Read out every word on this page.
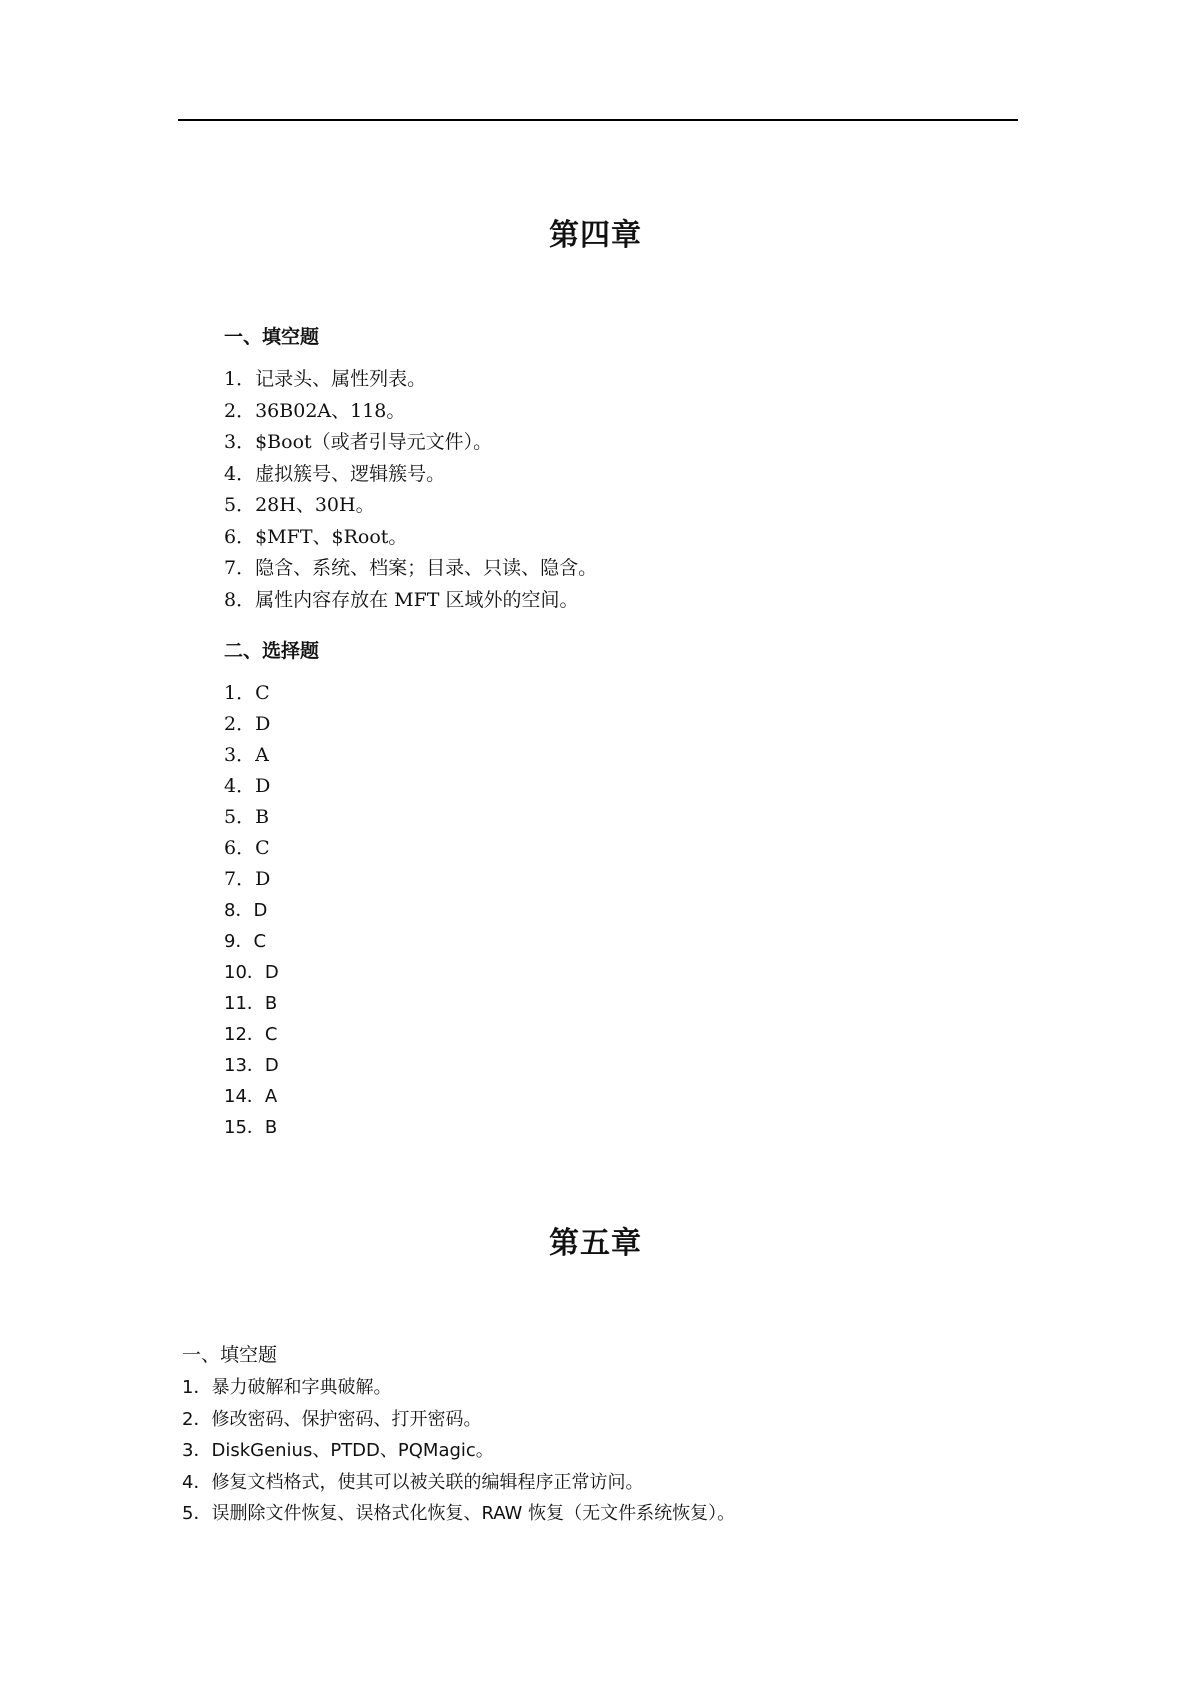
第四章
一、填空题
1．记录头、属性列表。
2．36B02A、118。
3．$Boot（或者引导元文件）。
4．虚拟簇号、逻辑簇号。
5．28H、30H。
6．$MFT、$Root。
7．隐含、系统、档案；目录、只读、隐含。
8．属性内容存放在 MFT 区域外的空间。
二、选择题
1．C
2．D
3．A
4．D
5．B
6．C
7．D
8．D
9．C
10．D
11．B
12．C
13．D
14．A
15．B
第五章
一、填空题
1．暴力破解和字典破解。
2．修改密码、保护密码、打开密码。
3．DiskGenius、PTDD、PQMagic。
4．修复文档格式，使其可以被关联的编辑程序正常访问。
5．误删除文件恢复、误格式化恢复、RAW 恢复（无文件系统恢复）。
